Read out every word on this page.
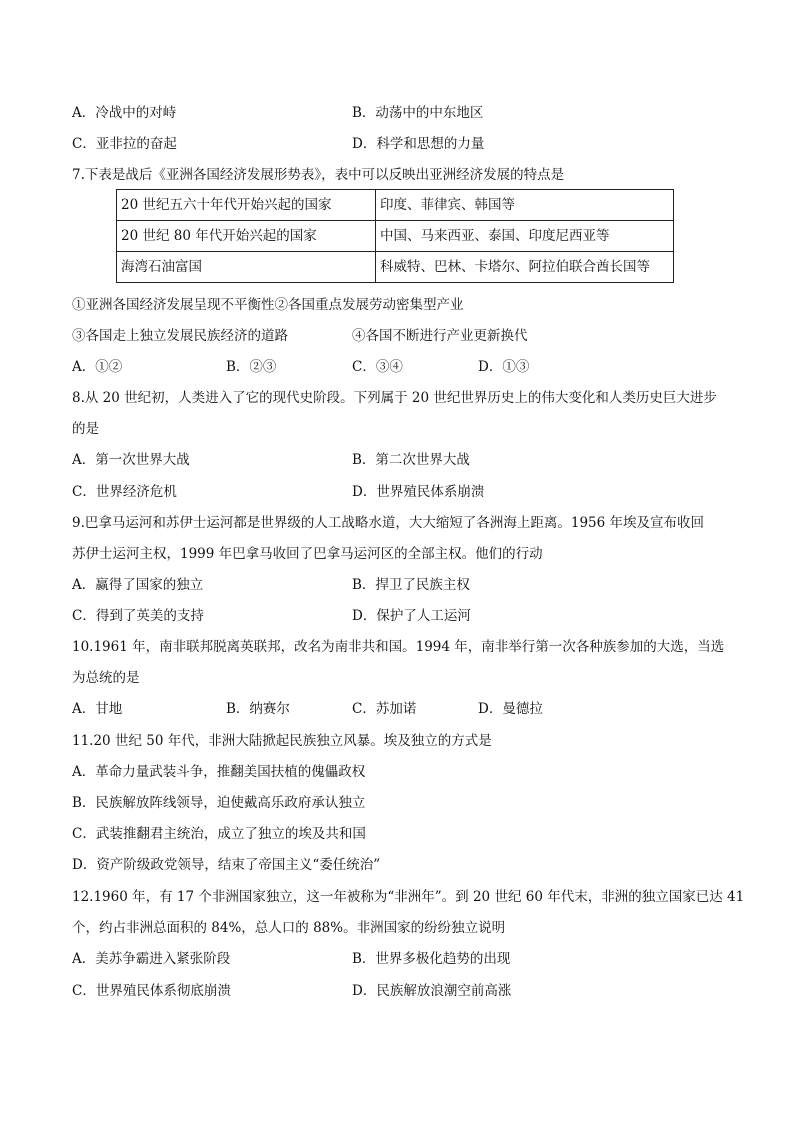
A．冷战中的对峙	B．动荡中的中东地区
C．亚非拉的奋起	D．科学和思想的力量
7.下表是战后《亚洲各国经济发展形势表》，表中可以反映出亚洲经济发展的特点是
20 世纪五六十年代开始兴起的国家	印度、菲律宾、韩国等
20 世纪 80 年代开始兴起的国家	中国、马来西亚、泰国、印度尼西亚等
海湾石油富国	科威特、巴林、卡塔尔、阿拉伯联合酋长国等
①亚洲各国经济发展呈现不平衡性②各国重点发展劳动密集型产业
③各国走上独立发展民族经济的道路	④各国不断进行产业更新换代
A．①②	B．②③	C．③④	D．①③
8.从 20 世纪初，人类进入了它的现代史阶段。下列属于 20 世纪世界历史上的伟大变化和人类历史巨大进步
的是
A．第一次世界大战	B．第二次世界大战
C．世界经济危机	D．世界殖民体系崩溃
9.巴拿马运河和苏伊士运河都是世界级的人工战略水道，大大缩短了各洲海上距离。1956 年埃及宣布收回
苏伊士运河主权，1999 年巴拿马收回了巴拿马运河区的全部主权。他们的行动
A．赢得了国家的独立	B．捍卫了民族主权
C．得到了英美的支持	D．保护了人工运河
10.1961 年，南非联邦脱离英联邦，改名为南非共和国。1994 年，南非举行第一次各种族参加的大选，当选
为总统的是
A．甘地	B．纳赛尔	C．苏加诺	D．曼德拉
11.20 世纪 50 年代，非洲大陆掀起民族独立风暴。埃及独立的方式是
A．革命力量武装斗争，推翻美国扶植的傀儡政权
B．民族解放阵线领导，迫使戴高乐政府承认独立
C．武装推翻君主统治，成立了独立的埃及共和国
D．资产阶级政党领导，结束了帝国主义“委任统治”
12.1960 年，有 17 个非洲国家独立，这一年被称为“非洲年”。到 20 世纪 60 年代末，非洲的独立国家已达 41
个，约占非洲总面积的 84%，总人口的 88%。非洲国家的纷纷独立说明
A．美苏争霸进入紧张阶段	B．世界多极化趋势的出现
C．世界殖民体系彻底崩溃	D．民族解放浪潮空前高涨
